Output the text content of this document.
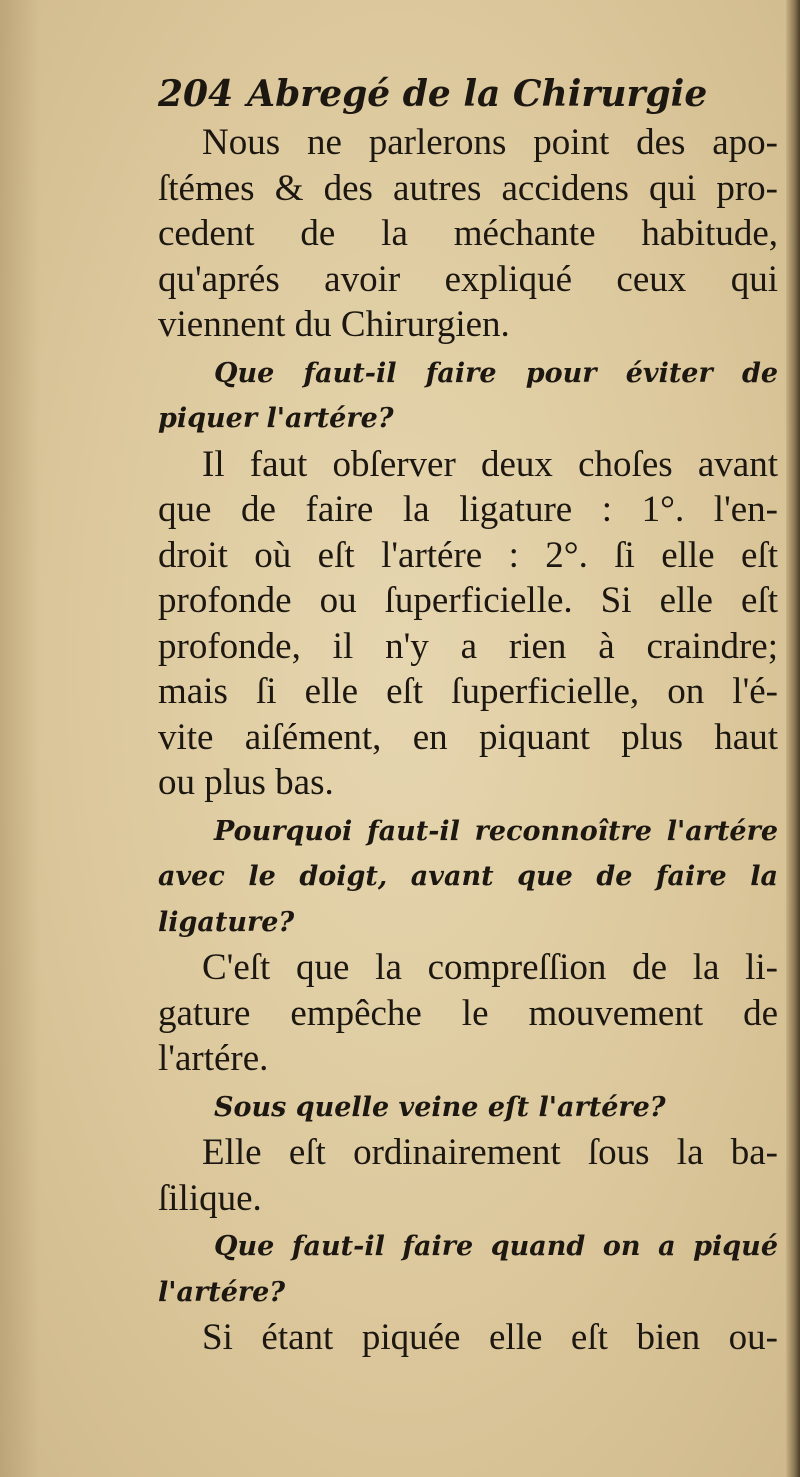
204 Abregé de la Chirurgie
Nous ne parlerons point des apo-
ſtémes & des autres accidens qui pro-
cedent de la méchante habitude,
qu'aprés avoir expliqué ceux qui
viennent du Chirurgien.
Que faut-il faire pour éviter de
piquer l'artére?
Il faut obſerver deux choſes avant
que de faire la ligature : 1°. l'en-
droit où eſt l'artére : 2°. ſi elle eſt
profonde ou ſuperficielle. Si elle eſt
profonde, il n'y a rien à craindre;
mais ſi elle eſt ſuperficielle, on l'é-
vite aiſément, en piquant plus haut
ou plus bas.
Pourquoi faut-il reconnoître l'artére
avec le doigt, avant que de faire la
ligature?
C'eſt que la compreſſion de la li-
gature empêche le mouvement de
l'artére.
Sous quelle veine eſt l'artére?
Elle eſt ordinairement ſous la ba-
ſilique.
Que faut-il faire quand on a piqué
l'artére?
Si étant piquée elle eſt bien ou-
